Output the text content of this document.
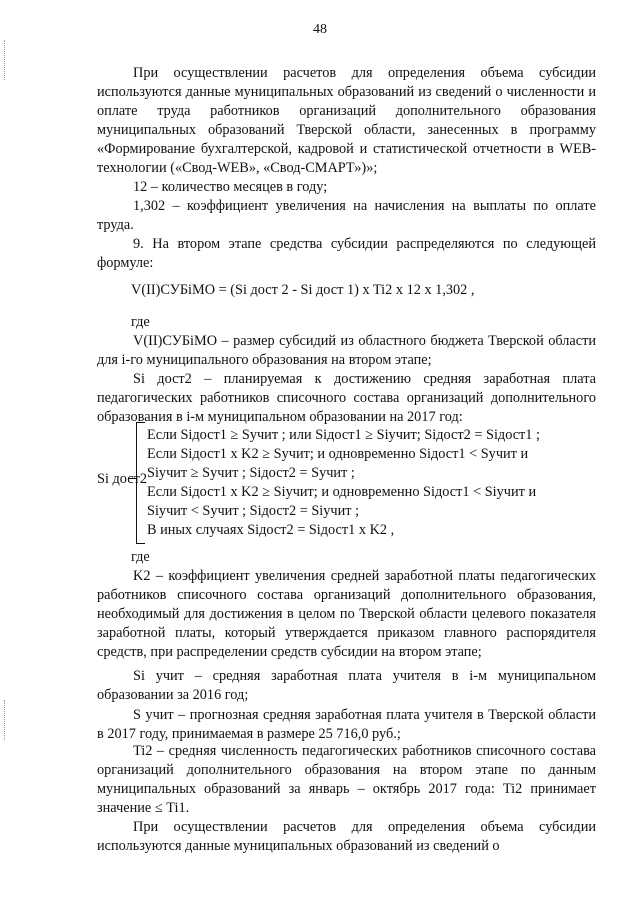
48
При осуществлении расчетов для определения объема субсидии используются данные муниципальных образований из сведений о численности и оплате труда работников организаций дополнительного образования муниципальных образований Тверской области, занесенных в программу «Формирование бухгалтерской, кадровой и статистической отчетности в WEB-технологии («Свод-WEB», «Свод-СМАРТ»)»;
12 – количество месяцев в году;
1,302 – коэффициент увеличения на начисления на выплаты по оплате труда.
9. На втором этапе средства субсидии распределяются по следующей формуле:
V(II)СУБiМО = (Si дост 2 - Si дост 1) x Ti2 x 12 x 1,302 ,
где
V(II)СУБiМО – размер субсидий из областного бюджета Тверской области для i-го муниципального образования на втором этапе;
Si дост2 – планируемая к достижению средняя заработная плата педагогических работников списочного состава организаций дополнительного образования в i-м муниципальном образовании на 2017 год:
Si дост2
Если Siдост1 ≥ Sучит ; или Siдост1 ≥ Siучит; Siдост2 = Siдост1 ;
Если Siдост1 x K2 ≥ Sучит; и одновременно Siдост1 < Sучит и
Siучит ≥ Sучит ; Siдост2 = Sучит ;
Если Siдост1 x K2 ≥ Siучит; и одновременно Siдост1 < Siучит и
Siучит < Sучит ; Siдост2 = Siучит ;
В иных случаях Siдост2 = Siдост1 x K2 ,
где
K2 – коэффициент увеличения средней заработной платы педагогических работников списочного состава организаций дополнительного образования, необходимый для достижения в целом по Тверской области целевого показателя заработной платы, который утверждается приказом главного распорядителя средств, при распределении средств субсидии на втором этапе;
Si учит – средняя заработная плата учителя в i-м муниципальном образовании за 2016 год;
S учит – прогнозная средняя заработная плата учителя в Тверской области в 2017 году, принимаемая в размере 25 716,0 руб.;
Ti2 – средняя численность педагогических работников списочного состава организаций дополнительного образования на втором этапе по данным муниципальных образований за январь – октябрь 2017 года: Ti2 принимает значение ≤ Ti1.
При осуществлении расчетов для определения объема субсидии используются данные муниципальных образований из сведений о
